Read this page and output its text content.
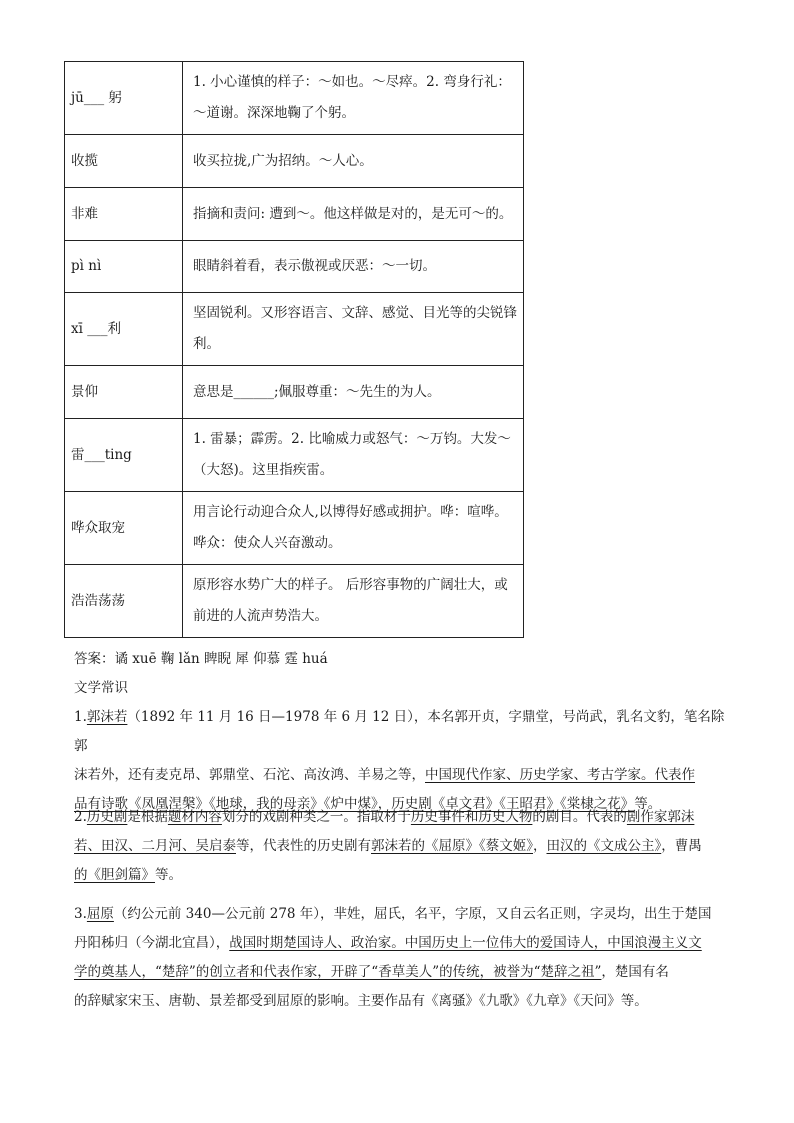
jū___ 躬	1. 小心谨慎的样子：～如也。～尽瘁。2. 弯身行礼：～道谢。深深地鞠了个躬。
收揽	收买拉拢,广为招纳。～人心。
非难	指摘和责问: 遭到～。他这样做是对的，是无可～的。
pì nì	眼睛斜着看，表示傲视或厌恶：～一切。
xī ___利	坚固锐利。又形容语言、文辞、感觉、目光等的尖锐锋利。
景仰	意思是______;佩服尊重：～先生的为人。
雷___ting	1. 雷暴；霹雳。2. 比喻威力或怒气：～万钧。大发～（大怒)。这里指疾雷。
哗众取宠	用言论行动迎合众人,以博得好感或拥护。哗：喧哗。哗众：使众人兴奋激动。
浩浩荡荡	原形容水势广大的样子。 后形容事物的广阔壮大，或前进的人流声势浩大。
答案：谲 xuē 鞠 lǎn 睥睨 犀 仰慕 霆 huá
文学常识
1.郭沫若（1892 年 11 月 16 日—1978 年 6 月 12 日），本名郭开贞，字鼎堂，号尚武，乳名文豹，笔名除郭
沫若外，还有麦克昂、郭鼎堂、石沱、高汝鸿、羊易之等，中国现代作家、历史学家、考古学家。代表作
品有诗歌《凤凰涅槃》《地球，我的母亲》《炉中煤》，历史剧《卓文君》《王昭君》《棠棣之花》等。
2.历史剧是根据题材内容划分的戏剧种类之一。指取材于历史事件和历史人物的剧目。代表的剧作家郭沫
若、田汉、二月河、吴启泰等，代表性的历史剧有郭沫若的《屈原》《蔡文姬》，田汉的《文成公主》，曹禺
的《胆剑篇》等。
3.屈原（约公元前 340—公元前 278 年），芈姓，屈氏，名平，字原，又自云名正则，字灵均，出生于楚国
丹阳秭归（今湖北宜昌），战国时期楚国诗人、政治家。中国历史上一位伟大的爱国诗人，中国浪漫主义文
学的奠基人，“楚辞”的创立者和代表作家，开辟了“香草美人”的传统，被誉为“楚辞之祖”，楚国有名
的辞赋家宋玉、唐勒、景差都受到屈原的影响。主要作品有《离骚》《九歌》《九章》《天问》等。
